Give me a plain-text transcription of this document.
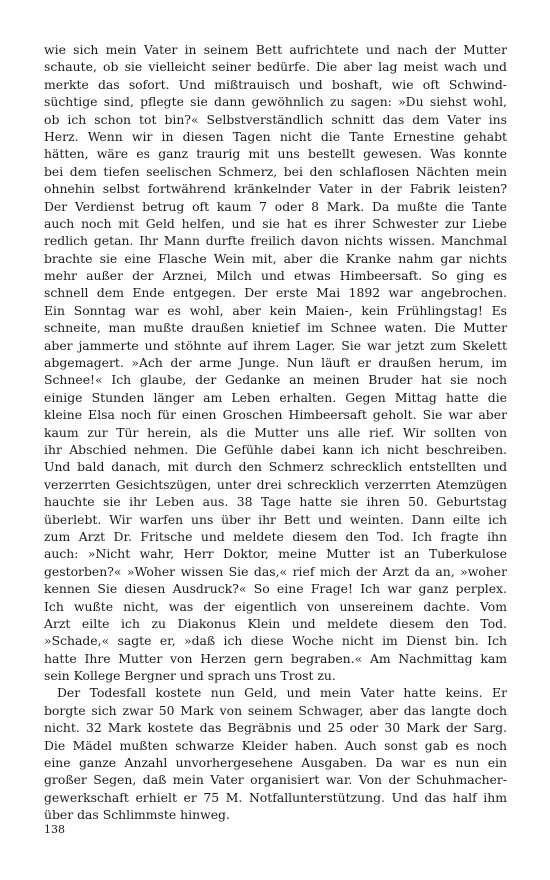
wie sich mein Vater in seinem Bett aufrichtete und nach der Mutter
schaute, ob sie vielleicht seiner bedürfe. Die aber lag meist wach und
merkte das sofort. Und mißtrauisch und boshaft, wie oft Schwind-
süchtige sind, pflegte sie dann gewöhnlich zu sagen: »Du siehst wohl,
ob ich schon tot bin?« Selbstverständlich schnitt das dem Vater ins
Herz. Wenn wir in diesen Tagen nicht die Tante Ernestine gehabt
hätten, wäre es ganz traurig mit uns bestellt gewesen. Was konnte
bei dem tiefen seelischen Schmerz, bei den schlaflosen Nächten mein
ohnehin selbst fortwährend kränkelnder Vater in der Fabrik leisten?
Der Verdienst betrug oft kaum 7 oder 8 Mark. Da mußte die Tante
auch noch mit Geld helfen, und sie hat es ihrer Schwester zur Liebe
redlich getan. Ihr Mann durfte freilich davon nichts wissen. Manchmal
brachte sie eine Flasche Wein mit, aber die Kranke nahm gar nichts
mehr außer der Arznei, Milch und etwas Himbeersaft. So ging es
schnell dem Ende entgegen. Der erste Mai 1892 war angebrochen.
Ein Sonntag war es wohl, aber kein Maien-, kein Frühlingstag! Es
schneite, man mußte draußen knietief im Schnee waten. Die Mutter
aber jammerte und stöhnte auf ihrem Lager. Sie war jetzt zum Skelett
abgemagert. »Ach der arme Junge. Nun läuft er draußen herum, im
Schnee!« Ich glaube, der Gedanke an meinen Bruder hat sie noch
einige Stunden länger am Leben erhalten. Gegen Mittag hatte die
kleine Elsa noch für einen Groschen Himbeersaft geholt. Sie war aber
kaum zur Tür herein, als die Mutter uns alle rief. Wir sollten von
ihr Abschied nehmen. Die Gefühle dabei kann ich nicht beschreiben.
Und bald danach, mit durch den Schmerz schrecklich entstellten und
verzerrten Gesichtszügen, unter drei schrecklich verzerrten Atemzügen
hauchte sie ihr Leben aus. 38 Tage hatte sie ihren 50. Geburtstag
überlebt. Wir warfen uns über ihr Bett und weinten. Dann eilte ich
zum Arzt Dr. Fritsche und meldete diesem den Tod. Ich fragte ihn
auch: »Nicht wahr, Herr Doktor, meine Mutter ist an Tuberkulose
gestorben?« »Woher wissen Sie das,« rief mich der Arzt da an, »woher
kennen Sie diesen Ausdruck?« So eine Frage! Ich war ganz perplex.
Ich wußte nicht, was der eigentlich von unsereinem dachte. Vom
Arzt eilte ich zu Diakonus Klein und meldete diesem den Tod.
»Schade,« sagte er, »daß ich diese Woche nicht im Dienst bin. Ich
hatte Ihre Mutter von Herzen gern begraben.« Am Nachmittag kam
sein Kollege Bergner und sprach uns Trost zu.
Der Todesfall kostete nun Geld, und mein Vater hatte keins. Er
borgte sich zwar 50 Mark von seinem Schwager, aber das langte doch
nicht. 32 Mark kostete das Begräbnis und 25 oder 30 Mark der Sarg.
Die Mädel mußten schwarze Kleider haben. Auch sonst gab es noch
eine ganze Anzahl unvorhergesehene Ausgaben. Da war es nun ein
großer Segen, daß mein Vater organisiert war. Von der Schuhmacher-
gewerkschaft erhielt er 75 M. Notfallunterstützung. Und das half ihm
über das Schlimmste hinweg.
138
